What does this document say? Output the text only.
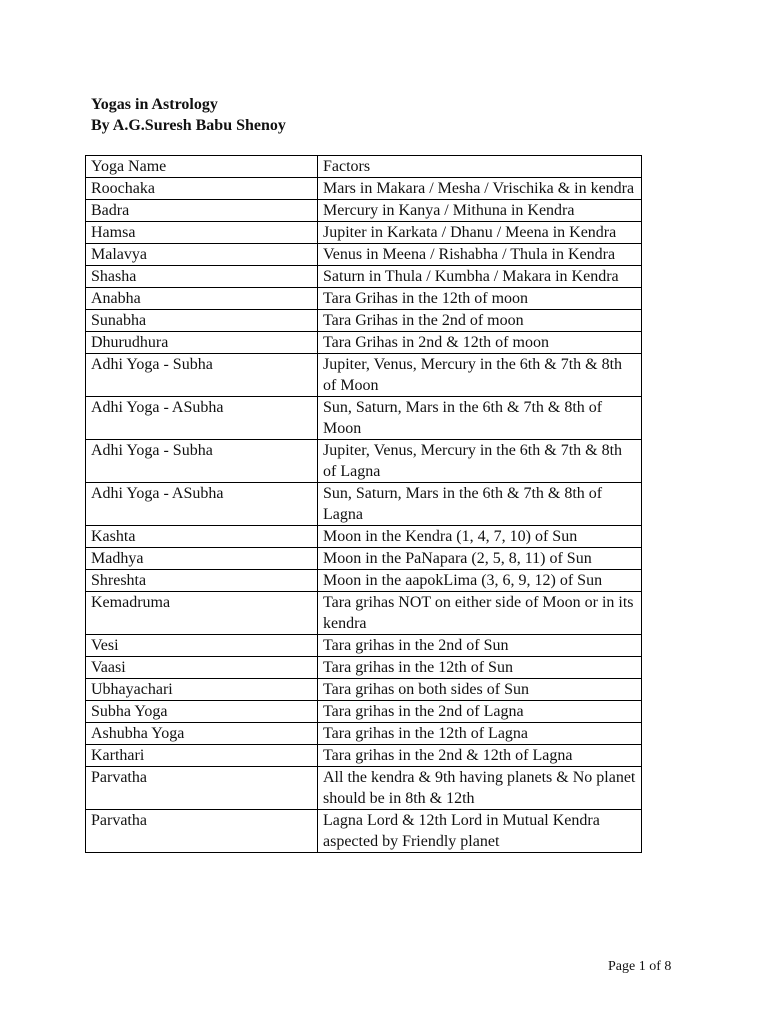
Yogas in Astrology
By A.G.Suresh Babu Shenoy
Yoga Name	Factors
Roochaka	Mars in Makara / Mesha / Vrischika & in kendra
Badra	Mercury in Kanya / Mithuna in Kendra
Hamsa	Jupiter in Karkata / Dhanu / Meena in Kendra
Malavya	Venus in Meena / Rishabha / Thula in Kendra
Shasha	Saturn in Thula / Kumbha / Makara in Kendra
Anabha	Tara Grihas in the 12th of moon
Sunabha	Tara Grihas in the 2nd of moon
Dhurudhura	Tara Grihas in 2nd & 12th of moon
Adhi Yoga - Subha	Jupiter, Venus, Mercury in the 6th & 7th & 8th of Moon
Adhi Yoga - ASubha	Sun, Saturn, Mars in the 6th & 7th & 8th of Moon
Adhi Yoga - Subha	Jupiter, Venus, Mercury in the 6th & 7th & 8th of Lagna
Adhi Yoga - ASubha	Sun, Saturn, Mars in the 6th & 7th & 8th of Lagna
Kashta	Moon in the Kendra (1, 4, 7, 10) of Sun
Madhya	Moon in the PaNapara (2, 5, 8, 11) of Sun
Shreshta	Moon in the aapokLima (3, 6, 9, 12) of Sun
Kemadruma	Tara grihas NOT on either side of Moon or in its kendra
Vesi	Tara grihas in the 2nd of Sun
Vaasi	Tara grihas in the 12th of Sun
Ubhayachari	Tara grihas on both sides of Sun
Subha Yoga	Tara grihas in the 2nd of Lagna
Ashubha Yoga	Tara grihas in the 12th of Lagna
Karthari	Tara grihas in the 2nd & 12th of Lagna
Parvatha	All the kendra & 9th having planets & No planet should be in 8th & 12th
Parvatha	Lagna Lord & 12th Lord in Mutual Kendra aspected by Friendly planet
Page 1 of 8
